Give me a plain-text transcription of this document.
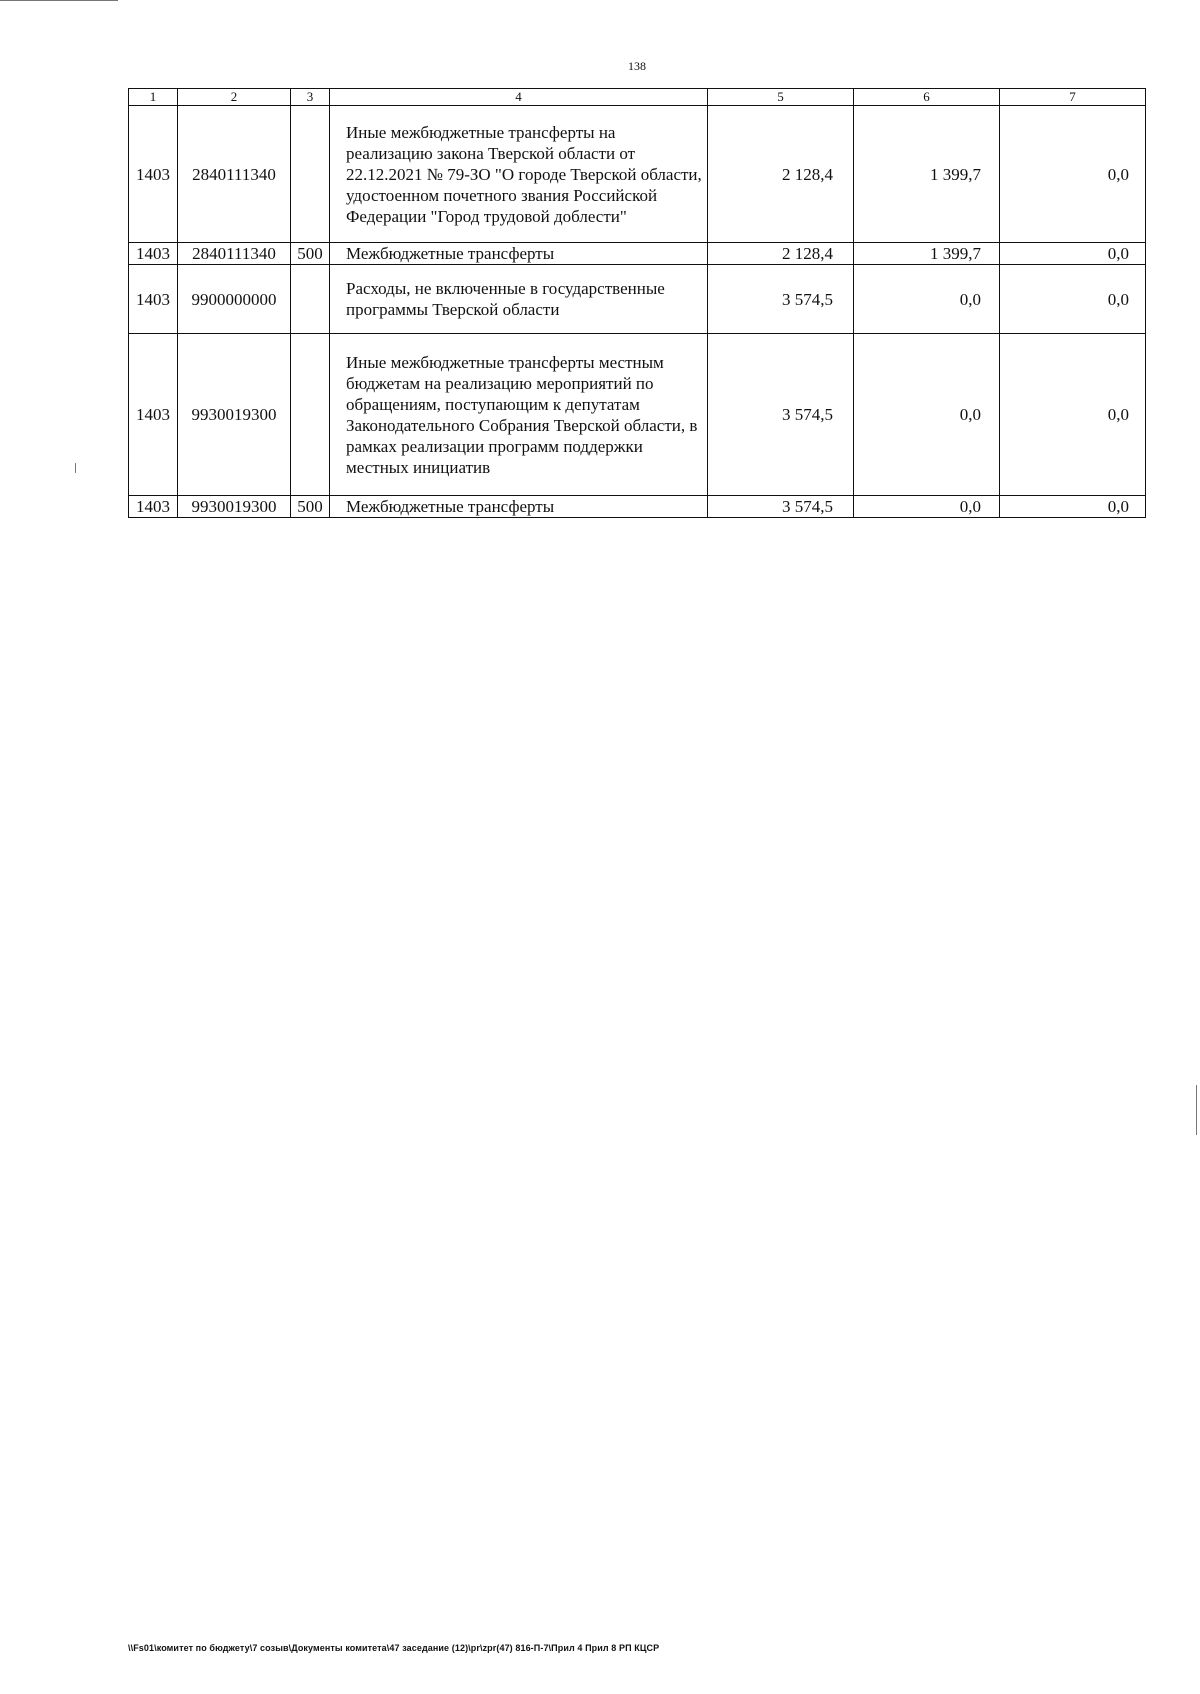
138
1	2	3	4	5	6	7
1403	2840111340		Иные межбюджетные трансферты на реализацию закона Тверской области от 22.12.2021 № 79-ЗО "О городе Тверской области, удостоенном почетного звания Российской Федерации "Город трудовой доблести"	2 128,4	1 399,7	0,0
1403	2840111340	500	Межбюджетные трансферты	2 128,4	1 399,7	0,0
1403	9900000000		Расходы, не включенные в государственные программы Тверской области	3 574,5	0,0	0,0
1403	9930019300		Иные межбюджетные трансферты местным бюджетам на реализацию мероприятий по обращениям, поступающим к депутатам Законодательного Собрания Тверской области, в рамках реализации программ поддержки местных инициатив	3 574,5	0,0	0,0
1403	9930019300	500	Межбюджетные трансферты	3 574,5	0,0	0,0
\\Fs01\комитет по бюджету\7 созыв\Документы комитета\47 заседание (12)\pr\zpr(47) 816-П-7\Прил 4 Прил 8 РП КЦСР
